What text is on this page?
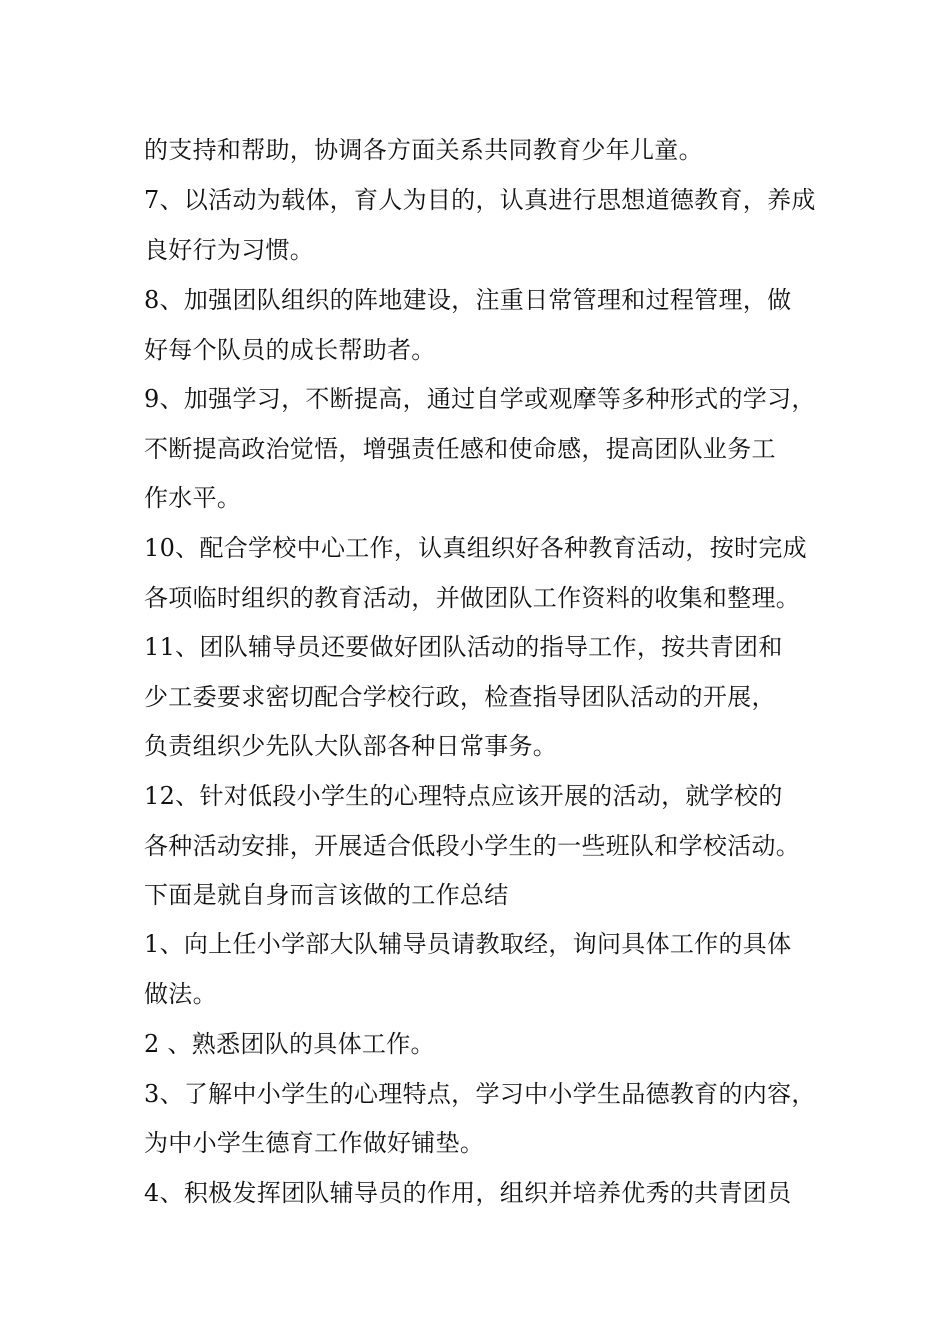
的支持和帮助，协调各方面关系共同教育少年儿童。
7、以活动为载体，育人为目的，认真进行思想道德教育，养成
良好行为习惯。
8、加强团队组织的阵地建设，注重日常管理和过程管理，做
好每个队员的成长帮助者。
9、加强学习，不断提高，通过自学或观摩等多种形式的学习，
不断提高政治觉悟，增强责任感和使命感，提高团队业务工
作水平。
10、配合学校中心工作，认真组织好各种教育活动，按时完成
各项临时组织的教育活动，并做团队工作资料的收集和整理。
11、团队辅导员还要做好团队活动的指导工作，按共青团和
少工委要求密切配合学校行政，检查指导团队活动的开展，
负责组织少先队大队部各种日常事务。
12、针对低段小学生的心理特点应该开展的活动，就学校的
各种活动安排，开展适合低段小学生的一些班队和学校活动。
下面是就自身而言该做的工作总结
1、向上任小学部大队辅导员请教取经，询问具体工作的具体
做法。
2 、熟悉团队的具体工作。
3、了解中小学生的心理特点，学习中小学生品德教育的内容，
为中小学生德育工作做好铺垫。
4、积极发挥团队辅导员的作用，组织并培养优秀的共青团员
